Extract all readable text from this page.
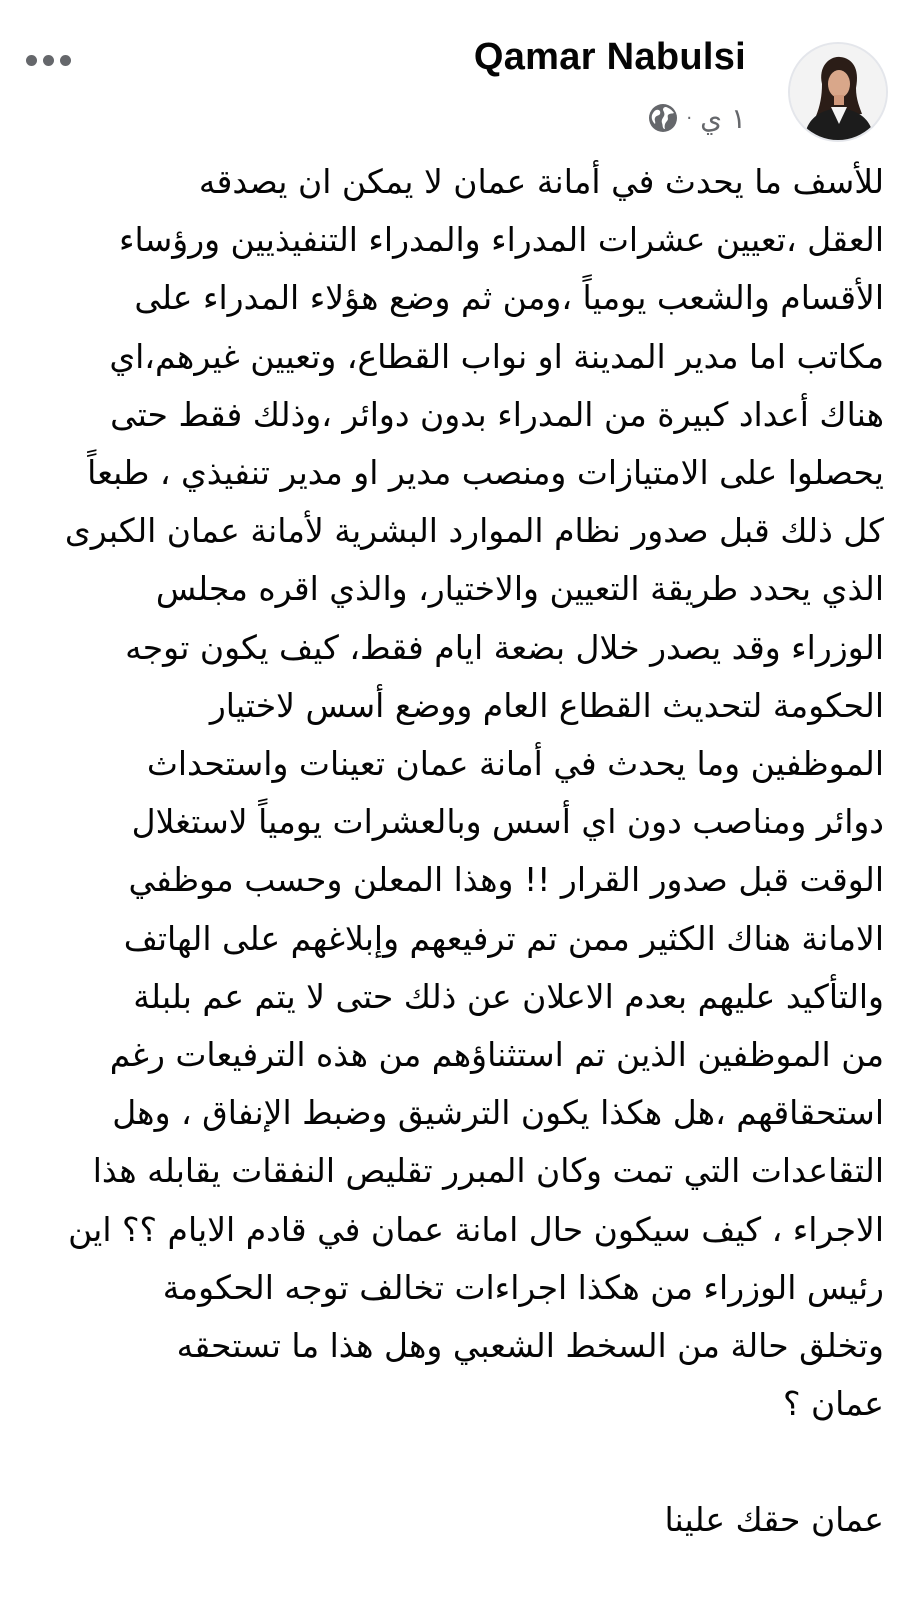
Qamar Nabulsi
١ ي
·

للأسف ما يحدث في أمانة عمان لا يمكن ان يصدقه
العقل ،تعيين عشرات المدراء والمدراء التنفيذيين ورؤساء
الأقسام والشعب يومياً ،ومن ثم وضع هؤلاء المدراء على
مكاتب اما مدير المدينة او نواب القطاع، وتعيين غيرهم،اي
هناك أعداد كبيرة من المدراء بدون دوائر ،وذلك فقط حتى
يحصلوا على الامتيازات ومنصب مدير او مدير تنفيذي ، طبعاً
كل ذلك قبل صدور نظام الموارد البشرية لأمانة عمان الكبرى
الذي يحدد طريقة التعيين والاختيار، والذي اقره مجلس
الوزراء وقد يصدر خلال بضعة ايام فقط، كيف يكون توجه
الحكومة لتحديث القطاع العام ووضع أسس لاختيار
الموظفين وما يحدث في أمانة عمان تعينات واستحداث
دوائر ومناصب دون اي أسس وبالعشرات يومياً لاستغلال
الوقت قبل صدور القرار !! وهذا المعلن وحسب موظفي
الامانة هناك الكثير ممن تم ترفيعهم وإبلاغهم على الهاتف
والتأكيد عليهم بعدم الاعلان عن ذلك حتى لا يتم عم بلبلة
من الموظفين الذين تم استثناؤهم من هذه الترفيعات رغم
استحقاقهم ،هل هكذا يكون الترشيق وضبط الإنفاق ، وهل
التقاعدات التي تمت وكان المبرر تقليص النفقات يقابله هذا
الاجراء ، كيف سيكون حال امانة عمان في قادم الايام ؟؟ اين
رئيس الوزراء من هكذا اجراءات تخالف توجه الحكومة
وتخلق حالة من السخط الشعبي وهل هذا ما تستحقه
عمان ؟

عمان حقك علينا
